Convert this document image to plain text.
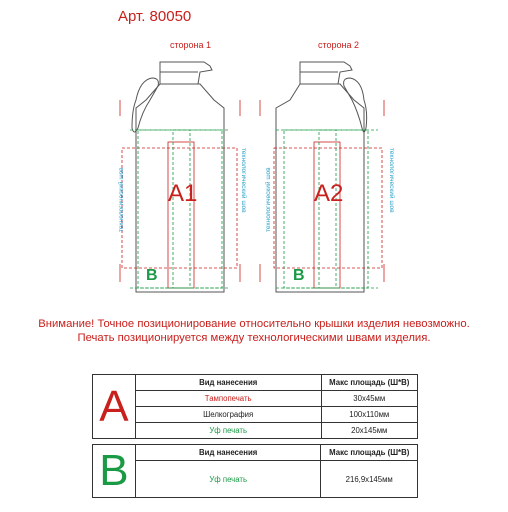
Арт. 80050
сторона 1	сторона 2
технологический шов	технологический шов	технологический шов	технологический шов
A1	A2
B	B
Внимание! Точное позиционирование относительно крышки изделия невозможно.
Печать позиционируется между технологическими швами изделия.
A	Вид нанесения	Макс площадь (Ш*В)
	Тампопечать	30х45мм
	Шелкография	100х110мм
	Уф печать	20х145мм
B	Вид нанесения	Макс площадь (Ш*В)
	Уф печать	216,9х145мм
